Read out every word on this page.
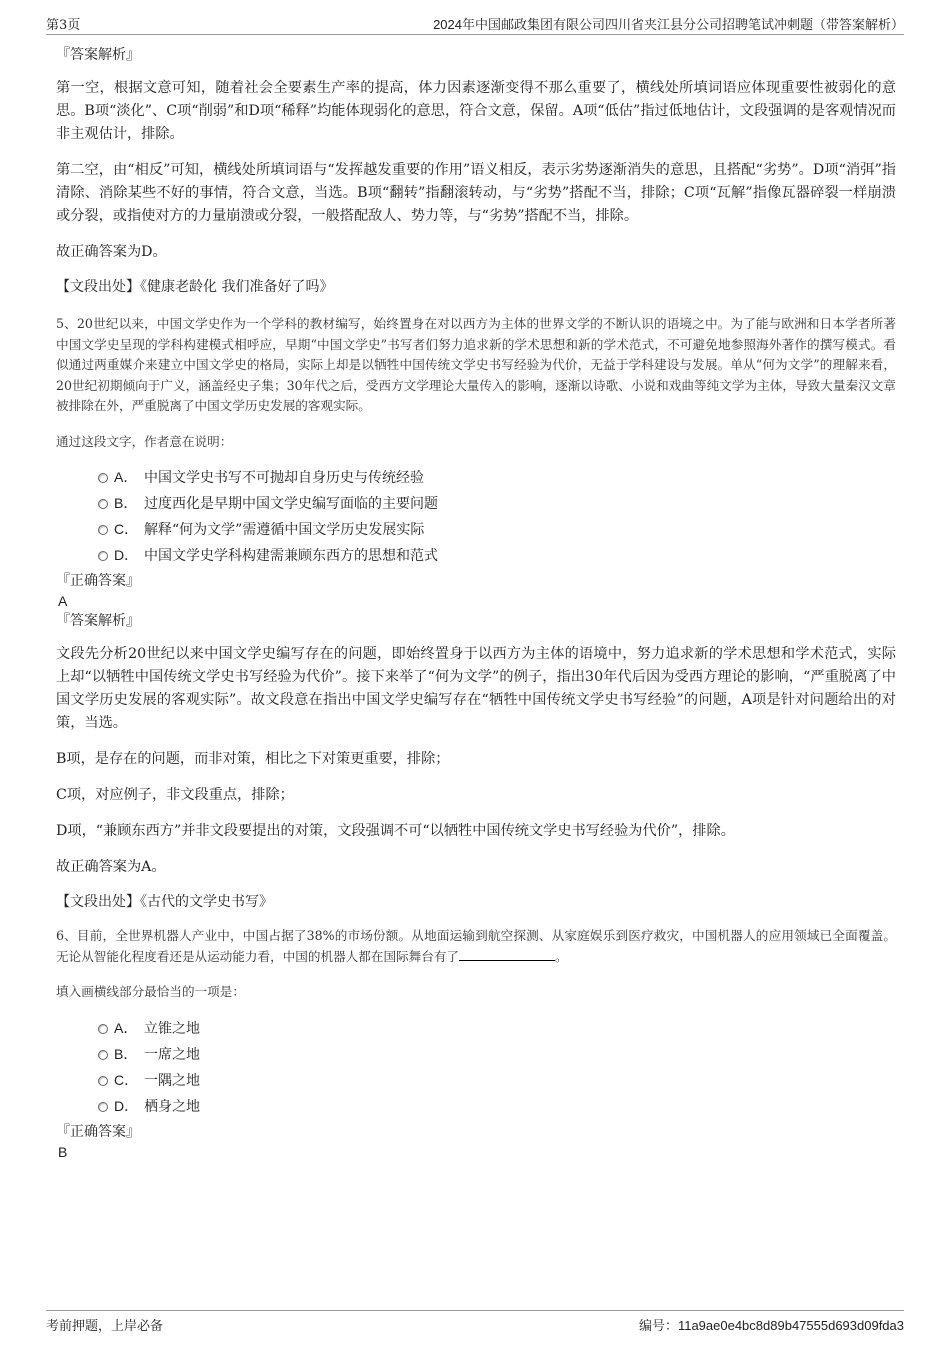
第3页	2024年中国邮政集团有限公司四川省夹江县分公司招聘笔试冲刺题（带答案解析）

『答案解析』

第一空，根据文意可知，随着社会全要素生产率的提高，体力因素逐渐变得不那么重要了，横线处所填词语应体现重要性被弱化的意思。B项“淡化”、C项“削弱”和D项“稀释”均能体现弱化的意思，符合文意，保留。A项“低估”指过低地估计，文段强调的是客观情况而非主观估计，排除。

第二空，由“相反”可知，横线处所填词语与“发挥越发重要的作用”语义相反，表示劣势逐渐消失的意思，且搭配“劣势”。D项“消弭”指清除、消除某些不好的事情，符合文意，当选。B项“翻转”指翻滚转动，与“劣势”搭配不当，排除；C项“瓦解”指像瓦器碎裂一样崩溃或分裂，或指使对方的力量崩溃或分裂，一般搭配敌人、势力等，与“劣势”搭配不当，排除。

故正确答案为D。

【文段出处】《健康老龄化 我们准备好了吗》

5、20世纪以来，中国文学史作为一个学科的教材编写，始终置身在对以西方为主体的世界文学的不断认识的语境之中。为了能与欧洲和日本学者所著中国文学史呈现的学科构建模式相呼应，早期“中国文学史”书写者们努力追求新的学术思想和新的学术范式，不可避免地参照海外著作的撰写模式。看似通过两重媒介来建立中国文学史的格局，实际上却是以牺牲中国传统文学史书写经验为代价，无益于学科建设与发展。单从“何为文学”的理解来看，20世纪初期倾向于广义，涵盖经史子集；30年代之后，受西方文学理论大量传入的影响，逐渐以诗歌、小说和戏曲等纯文学为主体，导致大量秦汉文章被排除在外，严重脱离了中国文学历史发展的客观实际。

通过这段文字，作者意在说明：

A． 中国文学史书写不可抛却自身历史与传统经验
B． 过度西化是早期中国文学史编写面临的主要问题
C． 解释“何为文学”需遵循中国文学历史发展实际
D． 中国文学史学科构建需兼顾东西方的思想和范式

『正确答案』

A

『答案解析』

文段先分析20世纪以来中国文学史编写存在的问题，即始终置身于以西方为主体的语境中，努力追求新的学术思想和学术范式，实际上却“以牺牲中国传统文学史书写经验为代价”。接下来举了“何为文学”的例子，指出30年代后因为受西方理论的影响，“严重脱离了中国文学历史发展的客观实际”。故文段意在指出中国文学史编写存在“牺牲中国传统文学史书写经验”的问题，A项是针对问题给出的对策，当选。

B项，是存在的问题，而非对策，相比之下对策更重要，排除；

C项，对应例子，非文段重点，排除；

D项，“兼顾东西方”并非文段要提出的对策，文段强调不可“以牺牲中国传统文学史书写经验为代价”，排除。

故正确答案为A。

【文段出处】《古代的文学史书写》

6、目前，全世界机器人产业中，中国占据了38%的市场份额。从地面运输到航空探测、从家庭娱乐到医疗救灾，中国机器人的应用领域已全面覆盖。无论从智能化程度看还是从运动能力看，中国的机器人都在国际舞台有了	。

填入画横线部分最恰当的一项是：

A． 立锥之地
B． 一席之地
C． 一隅之地
D． 栖身之地

『正确答案』

B

考前押题，上岸必备	编号：11a9ae0e4bc8d89b47555d693d09fda3
